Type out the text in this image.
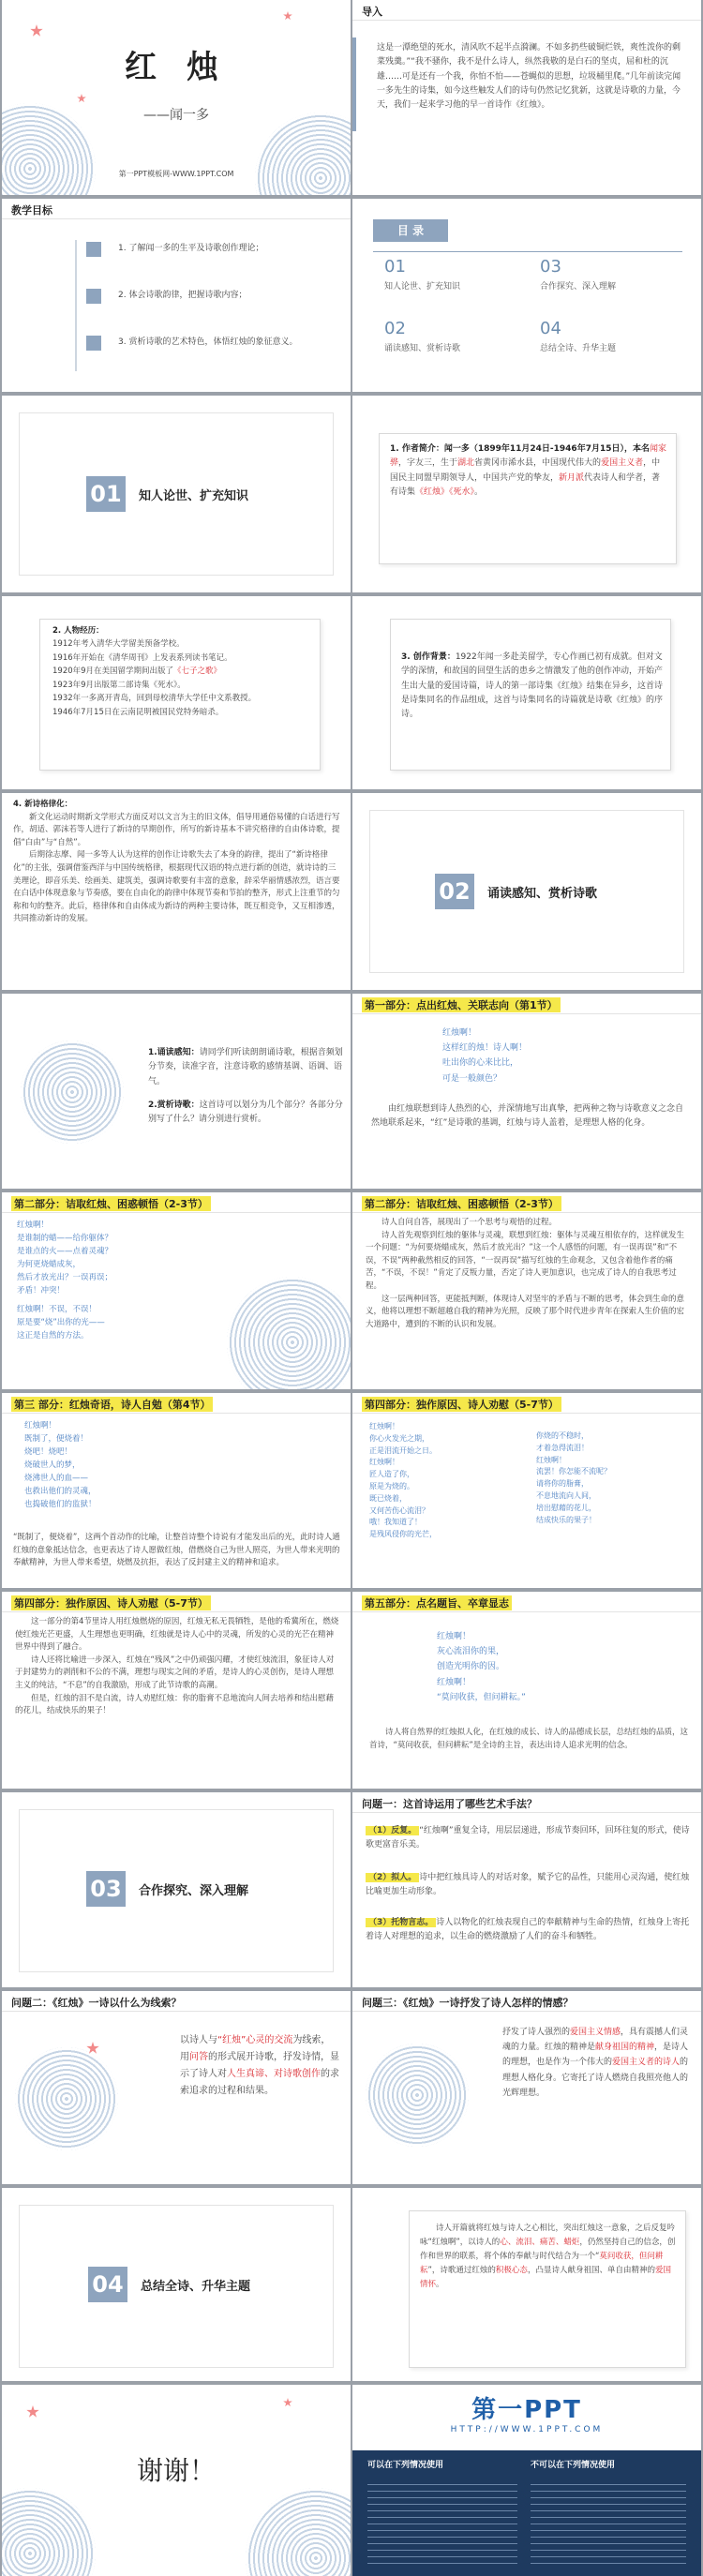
红 烛
——闻一多
第一PPT模板网-WWW.1PPT.COM
导入
这是一潭绝望的死水，清风吹不起半点漪澜。不如多扔些破铜烂铁，爽性泼你的剩菜残羹。”“我不骚你，我不是什么诗人，纵然我敬的是白石的坚贞，屈和杜的沉雄……可是还有一个我，你怕不怕——苍蝇似的思想，垃圾桶里爬。”几年前读完闻一多先生的诗集，如今这些触发人们的诗句仍然记忆犹新，这就是诗歌的力量，今天，我们一起来学习他的早一首诗作《红烛》。
教学目标
1. 了解闻一多的生平及诗歌创作理论；
2. 体会诗歌韵律，把握诗歌内容；
3. 赏析诗歌的艺术特色，体悟红烛的象征意义。
目 录
01
知人论世、扩充知识
03
合作探究、深入理解
02
诵读感知、赏析诗歌
04
总结全诗、升华主题
01	知人论世、扩充知识
1. 作者简介：闻一多（1899年11月24日-1946年7月15日），本名闻家骅，字友三，生于湖北省黄冈市浠水县，中国现代伟大的爱国主义者，中国民主同盟早期领导人，中国共产党的挚友，新月派代表诗人和学者，著有诗集《红烛》《死水》。
2. 人物经历：
1912年考入清华大学留美预备学校。
1916年开始在《清华周刊》上发表系列读书笔记。
1920年9月在美国留学期间出版了《七子之歌》
1923年9月出版第二部诗集《死水》。
1932年一多离开青岛，回到母校清华大学任中文系教授。
1946年7月15日在云南昆明被国民党特务暗杀。
3. 创作背景：1922年闻一多赴美留学，专心作画已初有成就。但对文学的深情，和故国的回望生活的患乡之情激发了他的创作冲动，开始产生出大量的爱国诗篇，诗人的第一部诗集《红烛》结集在异乡，这首诗是诗集同名的作品组成，这首与诗集同名的诗篇就是诗歌《红烛》的序诗。
4. 新诗格律化：
新文化运动时期新文学形式方面反对以文言为主的旧文体，倡导用通俗易懂的白话进行写作，胡适、郭沫若等人进行了新诗的早期创作，所写的新诗基本不讲究格律的自由体诗歌，提倡“白由”与“自然”。
后期徐志摩、闻一多等人认为这样的创作让诗歌失去了本身的韵律，提出了“新诗格律化”的主张，强调借鉴西洋与中国传统格律，根据现代汉语的特点进行新的创造，就诗诗的三美理论，即音乐美、绘画美、建筑美，强调诗歌要有丰富的意象，辞采华丽情感浓烈，语言要在白话中体现意象与节奏感，要在自由化的韵律中体现节奏和节拍的整齐，形式上注重节的匀称和句的整齐。此后，格律体和自由体成为新诗的两种主要诗体，既互相竞争，又互相渗透，共同推动新诗的发展。
02	诵读感知、赏析诗歌
1.诵读感知：请同学们听读朗朗诵诗歌，根据音频划分节奏，读准字音，注意诗歌的感情基调、语调、语气。
2.赏析诗歌：这首诗可以划分为几个部分？各部分分别写了什么？请分别进行赏析。
第一部分：点出红烛、关联志向（第1节）
红烛啊！
这样红的烛！诗人啊！
吐出你的心来比比，
可是一般颜色？
由红烛联想到诗人热烈的心，并深情地写出真挚，把两种之物与诗歌意义之念自然地联系起来，“红”是诗歌的基调，红烛与诗人盖着，是理想人格的化身。
第二部分：诘取红烛、困惑顿悟（2-3节）
红烛啊！
是谁制的蜡——给你躯体？
是谁点的火——点着灵魂？
为何更烧蜡成灰，
然后才放光出？一误再误；
矛盾！冲突！
红烛啊！不误，不误！
原是要“烧”出你的光——
这正是自然的方法。
第二部分：诘取红烛、困惑顿悟（2-3节）
诗人自问自答，展现出了一个思考与观悟的过程。
诗人首先观察到红烛的躯体与灵魂，联想到红烛：躯体与灵魂互相依存的，这样就发生一个问题：“为何要烧蜡成灰，然后才放光出？”这一个人感悟的问题，有一误再误”和“不误，不误”两种截然相反的回答，“一误再误”描写红烛的生命观念，又包含着他作者的痛苦，“不误，不误！”肯定了反叛力量，否定了诗人更加意识，也完成了诗人的自我思考过程。
这一层两种回答，更能抵判断，体现诗人对坚牢的矛盾与不断的思考，体会到生命的意义，他将以理想不断超越自我的精神为光照，反映了那个时代进步青年在探索人生价值的宏大道路中，遭到的不断的认识和发展。
第三 部分：红烛奇语，诗人自勉（第4节）
红烛啊！
既制了，便烧着！
烧吧！烧吧！
烧破世人的梦，
烧沸世人的血——
也救出他们的灵魂，
也捣破他们的监狱！
“既制了，便烧着”，这两个首动作的比喻，让整首诗整个诗说有才能发出后的光，此时诗人通红烛的意象抵达信念，也更表达了诗人愿做红烛，借燃烧自己为世人照亮，为世人带来光明的奉献精神，为世人带来希望，烧燃及抗拒，表达了反封建主义的精神和追求。
第四部分：独作原因、诗人劝慰（5-7节）
红烛啊！
你心火发光之期，
正是泪流开始之日。
红烛啊！
匠人造了你，
原是为烧的。
既已烧着，
又何苦伤心流泪？
哦！我知道了！
是残风侵你的光芒，
你烧的不稳时，
才着急得流泪！
红烛啊！
流罢！你怎能不流呢？
请将你的脂膏，
不息地流向人间，
培出慰藉的花儿，
结成快乐的果子！
第四部分：独作原因、诗人劝慰（5-7节）
这一部分的第4节里诗人用红烛燃烧的原因，红烛无私无畏牺牲，是他的希冀所在，燃烧使红烛光芒更盛，人生理想也更明确，红烛就是诗人心中的灵魂，所发的心灵的光芒在精神世界中得到了融合。
诗人还将比喻进一步深入，红烛在“残风”之中仍顽强闪耀，才使红烛流泪，象征诗人对于封建势力的剥削和不公的不满，理想与现实之间的矛盾，是诗人的心灵创伤，是诗人理想主义的纯洁，“不息”的自我激励，形成了此节诗歌的高潮。
但是，红烛的泪不是白流，诗人劝慰红烛：你的脂膏不息地流向人间去培养和结出慰藉的花儿，结成快乐的果子！
第五部分：点名题旨、卒章显志
红烛啊！
灰心流泪你的果，
创造光明你的因。
红烛啊！
“莫问收获，但问耕耘。”
诗人将自然界的红烛拟人化，在红烛的成长、诗人的品德成长层，总结红烛的品质，这首诗，“莫问收获，但问耕耘”是全诗的主旨，表达出诗人追求光明的信念。
03	合作探究、深入理解
问题一：这首诗运用了哪些艺术手法？
（1）反复。 “红烛啊”重复全诗，用层层递进，形成节奏回环，回环往复的形式，使诗歌更富音乐美。
（2）拟人。 诗中把红烛具诗人的对话对象，赋予它的品性，只能用心灵沟通，使红烛比喻更加生动形象。
（3）托物言志。 诗人以物化的红烛表现自己的奉献精神与生命的热情，红烛身上寄托着诗人对理想的追求，以生命的燃烧激励了人们的奋斗和牺牲。
问题二：《红烛》一诗以什么为线索？
以诗人与“红烛”心灵的交流为线索，用问答的形式展开诗歌，抒发诗情，显示了诗人对人生真谛、对诗歌创作的求索追求的过程和结果。
问题三：《红烛》一诗抒发了诗人怎样的情感？
抒发了诗人强烈的爱国主义情感，具有震撼人们灵魂的力量。红烛的精神是献身祖国的精神，是诗人的理想，也是作为一个伟大的爱国主义者的诗人的理想人格化身。它寄托了诗人燃烧自我照亮他人的光辉理想。
04	总结全诗、升华主题
诗人开篇就将红烛与诗人之心相比，突出红烛这一意象，之后反复吟咏“红烛啊”，以诗人的心、流泪、痛苦、蜡炬，仍然坚持自己的信念，创作和世界的联系，将个体的奉献与时代结合为一个“莫问收获，但问耕耘”，诗歌通过红烛的积极心态，凸显诗人献身祖国、单自由精神的爱国情怀。
谢谢！
第一PPT
HTTP://WWW.1PPT.COM
可以在下列情况使用	不可以在下列情况使用
